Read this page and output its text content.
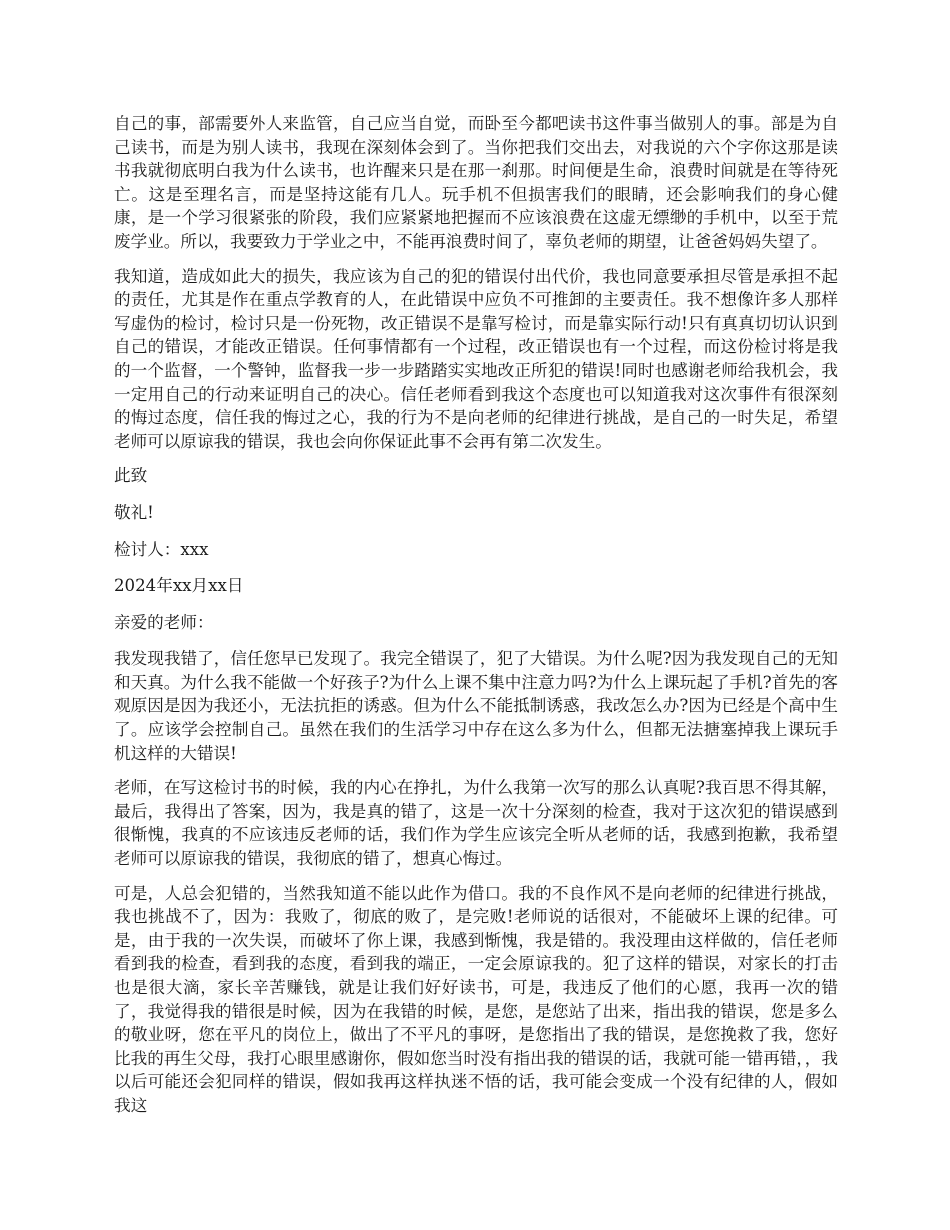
自己的事，部需要外人来监管，自己应当自觉，而卧至今都吧读书这件事当做别人的事。部是为自己读书，而是为别人读书，我现在深刻体会到了。当你把我们交出去，对我说的六个字你这那是读书我就彻底明白我为什么读书，也许醒来只是在那一刹那。时间便是生命，浪费时间就是在等待死亡。这是至理名言，而是坚持这能有几人。玩手机不但损害我们的眼睛，还会影响我们的身心健康，是一个学习很紧张的阶段，我们应紧紧地把握而不应该浪费在这虚无缥缈的手机中，以至于荒废学业。所以，我要致力于学业之中，不能再浪费时间了，辜负老师的期望，让爸爸妈妈失望了。

我知道，造成如此大的损失，我应该为自己的犯的错误付出代价，我也同意要承担尽管是承担不起的责任，尤其是作在重点学教育的人，在此错误中应负不可推卸的主要责任。我不想像许多人那样写虚伪的检讨，检讨只是一份死物，改正错误不是靠写检讨，而是靠实际行动!只有真真切切认识到自己的错误，才能改正错误。任何事情都有一个过程，改正错误也有一个过程，而这份检讨将是我的一个监督，一个警钟，监督我一步一步踏踏实实地改正所犯的错误!同时也感谢老师给我机会，我一定用自己的行动来证明自己的决心。信任老师看到我这个态度也可以知道我对这次事件有很深刻的悔过态度，信任我的悔过之心，我的行为不是向老师的纪律进行挑战，是自己的一时失足，希望老师可以原谅我的错误，我也会向你保证此事不会再有第二次发生。

此致

敬礼!

检讨人：xxx

2024年xx月xx日

亲爱的老师：

我发现我错了，信任您早已发现了。我完全错误了，犯了大错误。为什么呢?因为我发现自己的无知和天真。为什么我不能做一个好孩子?为什么上课不集中注意力吗?为什么上课玩起了手机?首先的客观原因是因为我还小，无法抗拒的诱惑。但为什么不能抵制诱惑，我改怎么办?因为已经是个高中生了。应该学会控制自己。虽然在我们的生活学习中存在这么多为什么，但都无法搪塞掉我上课玩手机这样的大错误!

老师，在写这检讨书的时候，我的内心在挣扎，为什么我第一次写的那么认真呢?我百思不得其解，最后，我得出了答案，因为，我是真的错了，这是一次十分深刻的检查，我对于这次犯的错误感到很惭愧，我真的不应该违反老师的话，我们作为学生应该完全听从老师的话，我感到抱歉，我希望老师可以原谅我的错误，我彻底的错了，想真心悔过。

可是，人总会犯错的，当然我知道不能以此作为借口。我的不良作风不是向老师的纪律进行挑战，我也挑战不了，因为：我败了，彻底的败了，是完败!老师说的话很对，不能破坏上课的纪律。可是，由于我的一次失误，而破坏了你上课，我感到惭愧，我是错的。我没理由这样做的，信任老师看到我的检查，看到我的态度，看到我的端正，一定会原谅我的。犯了这样的错误，对家长的打击也是很大滴，家长辛苦赚钱，就是让我们好好读书，可是，我违反了他们的心愿，我再一次的错了，我觉得我的错很是时候，因为在我错的时候，是您，是您站了出来，指出我的错误，您是多么的敬业呀，您在平凡的岗位上，做出了不平凡的事呀，是您指出了我的错误，是您挽救了我，您好比我的再生父母，我打心眼里感谢你，假如您当时没有指出我的错误的话，我就可能一错再错，，我以后可能还会犯同样的错误，假如我再这样执迷不悟的话，我可能会变成一个没有纪律的人，假如我这
